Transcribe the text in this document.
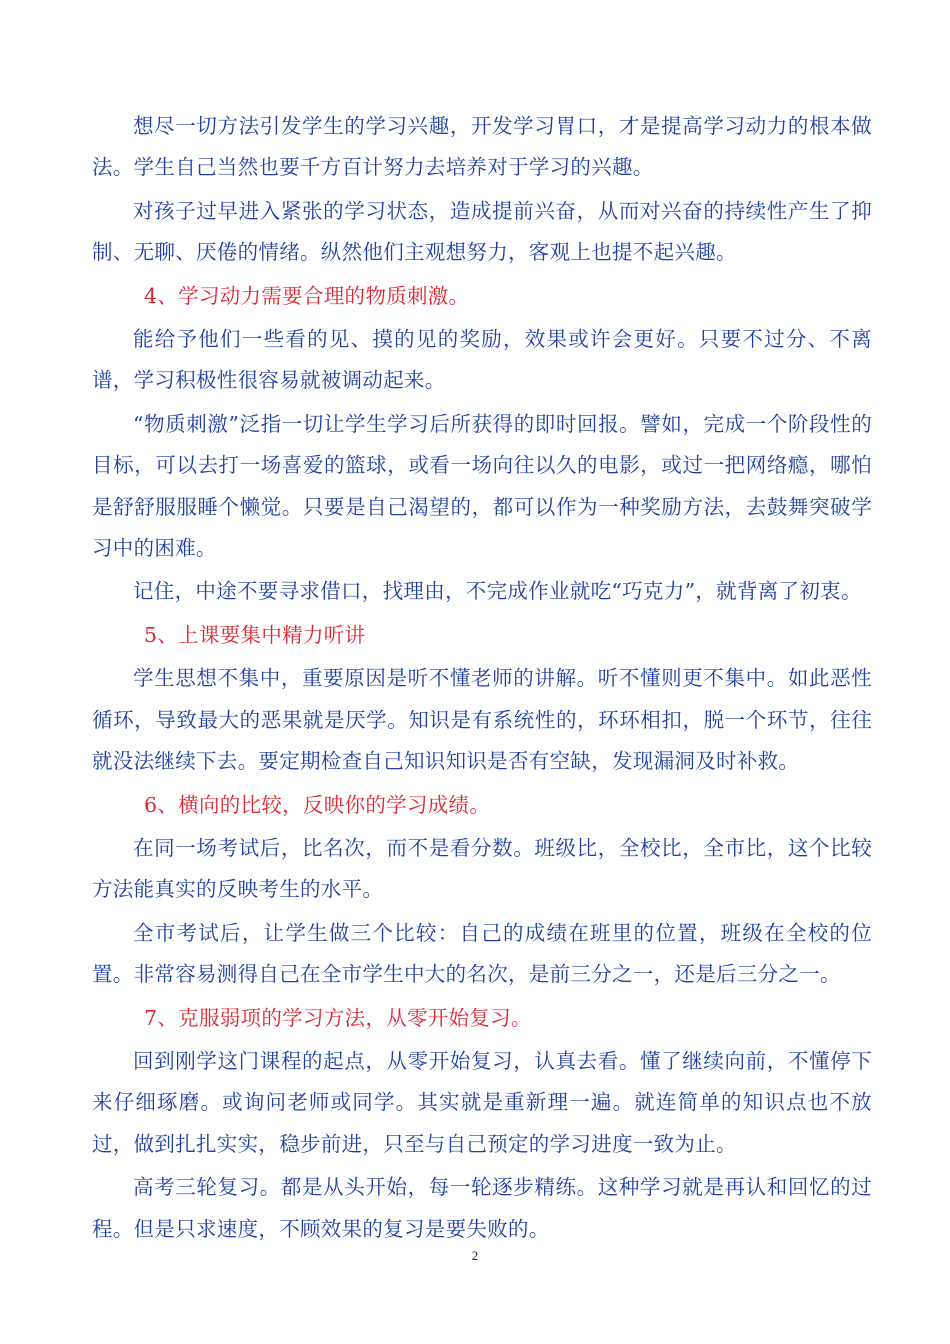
想尽一切方法引发学生的学习兴趣，开发学习胃口，才是提高学习动力的根本做法。学生自己当然也要千方百计努力去培养对于学习的兴趣。

对孩子过早进入紧张的学习状态，造成提前兴奋，从而对兴奋的持续性产生了抑制、无聊、厌倦的情绪。纵然他们主观想努力，客观上也提不起兴趣。

4、学习动力需要合理的物质刺激。

能给予他们一些看的见、摸的见的奖励，效果或许会更好。只要不过分、不离谱，学习积极性很容易就被调动起来。

“物质刺激”泛指一切让学生学习后所获得的即时回报。譬如，完成一个阶段性的目标，可以去打一场喜爱的篮球，或看一场向往以久的电影，或过一把网络瘾，哪怕是舒舒服服睡个懒觉。只要是自己渴望的，都可以作为一种奖励方法，去鼓舞突破学习中的困难。

记住，中途不要寻求借口，找理由，不完成作业就吃“巧克力”，就背离了初衷。

5、上课要集中精力听讲

学生思想不集中，重要原因是听不懂老师的讲解。听不懂则更不集中。如此恶性循环，导致最大的恶果就是厌学。知识是有系统性的，环环相扣，脱一个环节，往往就没法继续下去。要定期检查自己知识知识是否有空缺，发现漏洞及时补救。

6、横向的比较，反映你的学习成绩。

在同一场考试后，比名次，而不是看分数。班级比，全校比，全市比，这个比较方法能真实的反映考生的水平。

全市考试后，让学生做三个比较：自己的成绩在班里的位置，班级在全校的位置。非常容易测得自己在全市学生中大的名次，是前三分之一，还是后三分之一。

7、克服弱项的学习方法，从零开始复习。

回到刚学这门课程的起点，从零开始复习，认真去看。懂了继续向前，不懂停下来仔细琢磨。或询问老师或同学。其实就是重新理一遍。就连简单的知识点也不放过，做到扎扎实实，稳步前进，只至与自己预定的学习进度一致为止。

高考三轮复习。都是从头开始，每一轮逐步精练。这种学习就是再认和回忆的过程。但是只求速度，不顾效果的复习是要失败的。

2
